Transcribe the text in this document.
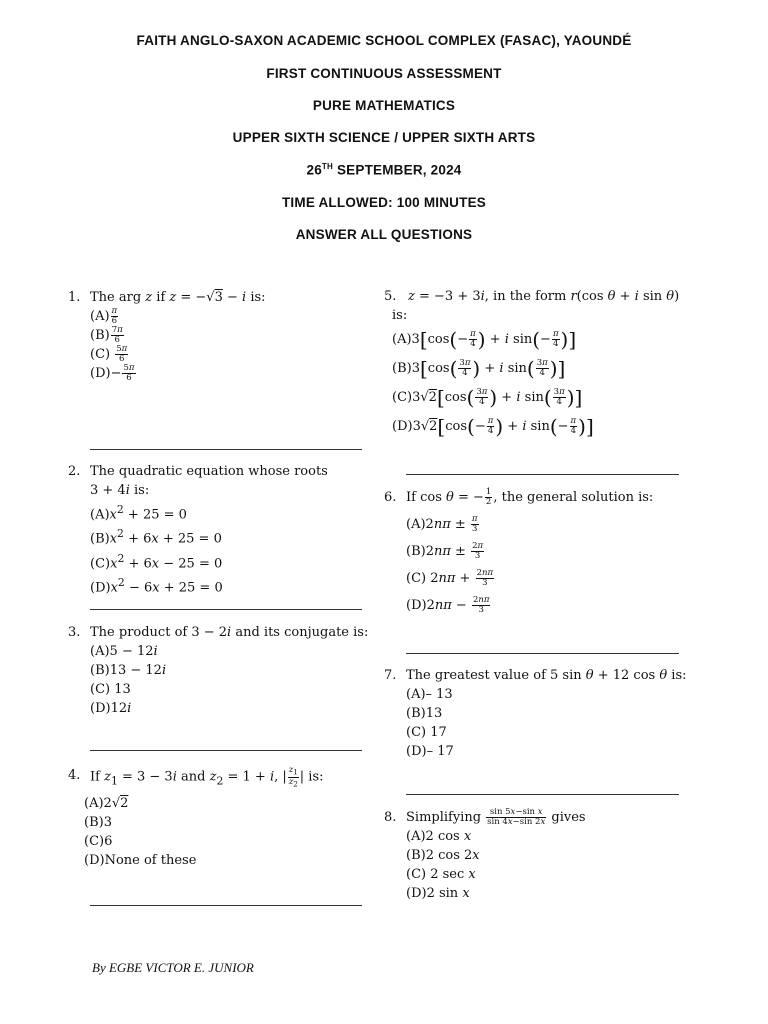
FAITH ANGLO-SAXON ACADEMIC SCHOOL COMPLEX (FASAC), YAOUNDÉ
FIRST CONTINUOUS ASSESSMENT
PURE MATHEMATICS
UPPER SIXTH SCIENCE / UPPER SIXTH ARTS
26TH SEPTEMBER, 2024
TIME ALLOWED: 100 MINUTES
ANSWER ALL QUESTIONS
1. The arg z if z = −√3 − i is:
$(A) \frac{\pi}{6}$
$(B) \frac{7\pi}{6}$
$(C) \frac{5\pi}{6}$
$(D)- \frac{5\pi}{6}$
2. The quadratic equation whose roots
3 + 4i is:
$(A)x^2 + 25 = 0$
$(B)x^2 + 6x + 25 = 0$
$(C)x^2 + 6x - 25 = 0$
$(D)x^2 - 6x + 25 = 0$
3. The product of 3 − 2i and its conjugate is:
(A)5 − 12i
(B)13 − 12i
(C) 13
(D)12i
4. If $z_1 = 3 - 3i$ and $z_2 = 1 + i$, | $\frac{z_1}{z_2}$ | is:
(A)2√2
(B)3
(C)6
(D)None of these
5. z = −3 + 3i, in the form r(cos θ + i sin θ)
is:
$(A)3[\cos(- \frac{\pi}{4}$ ) + i $\sin(- \frac{\pi}{4}$ )]
$(B)3[\cos( \frac{3\pi}{4}$ ) + i $\sin( \frac{3\pi}{4}$ )]
$(C)3√2[\cos( \frac{3\pi}{4}$ ) + i $\sin( \frac{3\pi}{4}$ )]
$(D)3√2[\cos(- \frac{\pi}{4}$ ) + i $\sin(- \frac{\pi}{4}$ )]
6. If cos θ = − $\frac{1}{2}$ , the general solution is:
$(A)2n\pi \pm \frac{\pi}{3}$
$(B)2n\pi \pm \frac{2\pi}{3}$
(C) $2n\pi + \frac{2n\pi}{3}$
$(D)2n\pi - \frac{2n\pi}{3}$
7. The greatest value of 5 sin θ + 12 cos θ is:
(A)– 13
(B)13
(C) 17
(D)– 17
8. Simplifying $\frac{\text{sin 5x−sin x}}{\sin 4x-\sin 2x}$ gives
(A)2 cos x
(B)2 cos 2x
(C) 2 sec x
(D)2 sin x
By EGBE VICTOR E. JUNIOR
